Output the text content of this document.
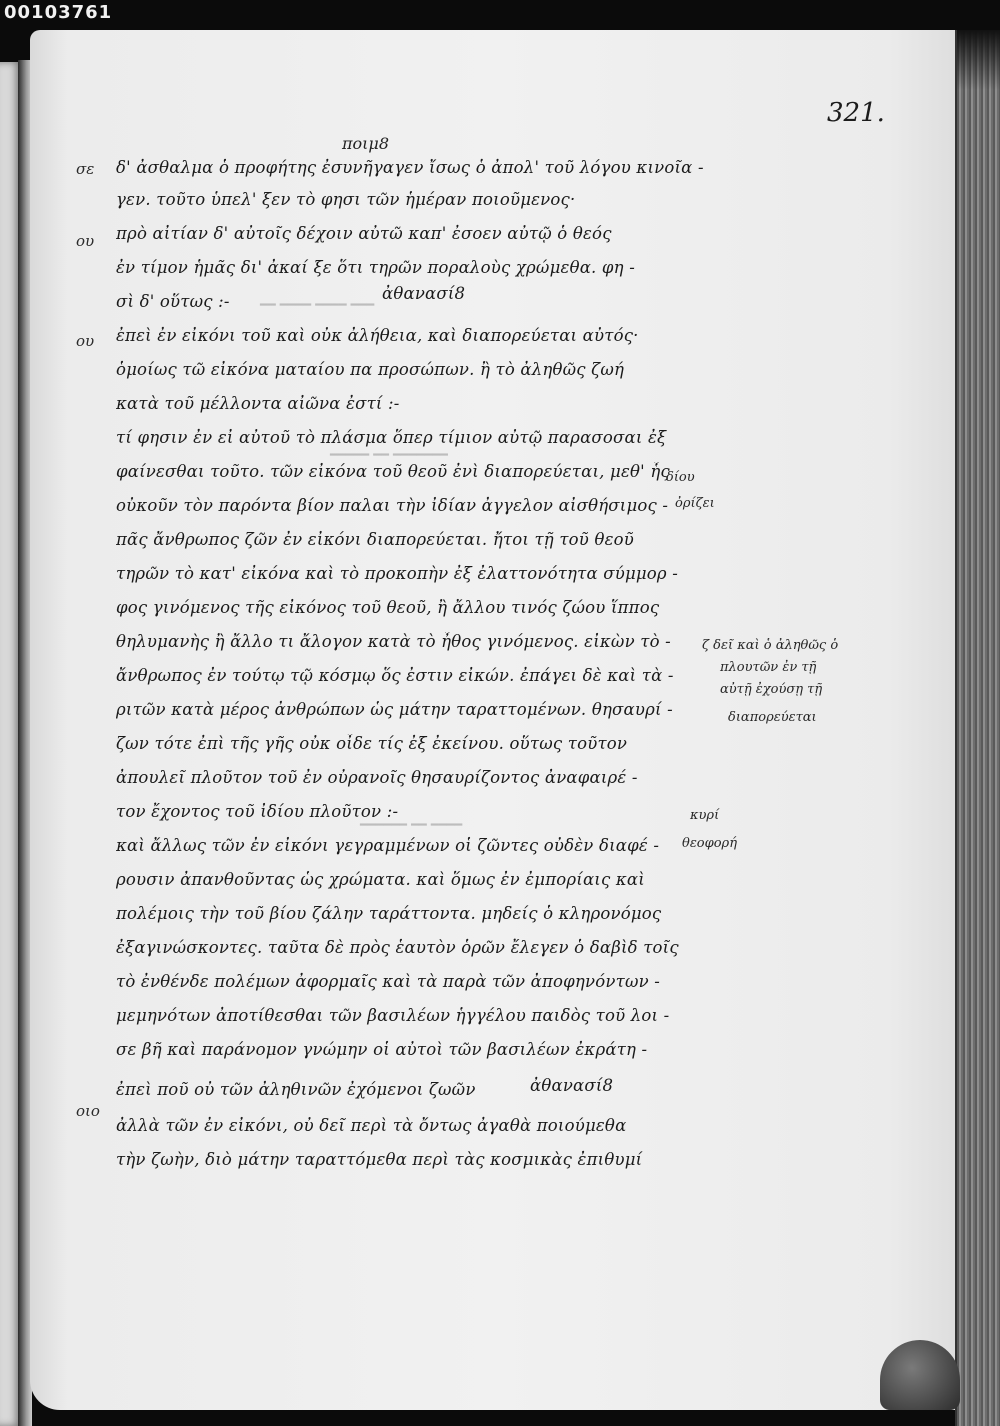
00103761
321.
ποιμ8
━━ ━━━━ ━━━━ ━━━
━━━━━ ━━ ━━━━━━━
━━━━━━ ━━ ━━━━
σε
ου
ου
οιο
δ' ἀσθαλμα ὁ προφήτης ἐσυνῆγαγεν ἴσως ὁ ἀπολ' τοῦ λόγου κινοῖα -
γεν. τοῦτο ὑπελ' ξεν τὸ φησι τῶν ἡμέραν ποιοῦμενος·
πρὸ αἰτίαν δ' αὐτοῖς δέχοιν αὐτῶ καπ' ἐσοεν αὐτῷ ὁ θεός
ἐν τίμον ἡμᾶς δι' ἀκαί ξε ὅτι τηρῶν ποραλοὺς χρώμεθα. φη -
σὶ δ' οὕτως :-	ἀθανασί8
ἐπεὶ ἐν εἰκόνι τοῦ καὶ οὐκ ἀλήθεια, καὶ διαπορεύεται αὐτός·
ὁμοίως τῶ εἰκόνα ματαίου πα προσώπων. ἢ τὸ ἀληθῶς ζωή
κατὰ τοῦ μέλλοντα αἰῶνα ἐστί :-
τί φησιν ἐν εἰ αὐτοῦ τὸ πλάσμα ὅπερ τίμιον αὐτῷ παρασοσαι ἐξ
φαίνεσθαι τοῦτο. τῶν εἰκόνα τοῦ θεοῦ ἐνὶ διαπορεύεται, μεθ' ἧς
οὐκοῦν τὸν παρόντα βίον παλαι τὴν ἰδίαν ἀγγελον αἰσθήσιμος -
πᾶς ἄνθρωπος ζῶν ἐν εἰκόνι διαπορεύεται. ἤτοι τῇ τοῦ θεοῦ
τηρῶν τὸ κατ' εἰκόνα καὶ τὸ προκοπὴν ἐξ ἐλαττονότητα σύμμορ -
φος γινόμενος τῆς εἰκόνος τοῦ θεοῦ, ἢ ἄλλου τινός ζώου ἵππος
θηλυμανὴς ἢ ἄλλο τι ἄλογον κατὰ τὸ ἦθος γινόμενος. εἰκὼν τὸ -
ἄνθρωπος ἐν τούτῳ τῷ κόσμῳ ὅς ἐστιν εἰκών. ἐπάγει δὲ καὶ τὰ -
ριτῶν κατὰ μέρος ἀνθρώπων ὡς μάτην ταραττομένων. θησαυρί -
ζων τότε ἐπὶ τῆς γῆς οὐκ οἶδε τίς ἐξ ἐκείνου. οὕτως τοῦτον
ἀπουλεῖ πλοῦτον τοῦ ἐν οὐρανοῖς θησαυρίζοντος ἀναφαιρέ -
τον ἔχοντος τοῦ ἰδίου πλοῦτον :-
καὶ ἄλλως τῶν ἐν εἰκόνι γεγραμμένων οἱ ζῶντες οὐδὲν διαφέ -
ρουσιν ἀπανθοῦντας ὡς χρώματα. καὶ ὅμως ἐν ἐμπορίαις καὶ
πολέμοις τὴν τοῦ βίου ζάλην ταράττοντα. μηδείς ὁ κληρονόμος
ἐξαγινώσκοντες. ταῦτα δὲ πρὸς ἑαυτὸν ὁρῶν ἔλεγεν ὁ δαβὶδ τοῖς
τὸ ἐνθένδε πολέμων ἀφορμαῖς καὶ τὰ παρὰ τῶν ἀποφηνόντων -
μεμηνότων ἀποτίθεσθαι τῶν βασιλέων ἡγγέλου παιδὸς τοῦ λοι -
σε βῆ καὶ παράνομον γνώμην οἱ αὐτοὶ τῶν βασιλέων ἐκράτη -
ἐπεὶ ποῦ οὐ τῶν ἀληθινῶν ἐχόμενοι ζωῶν	ἀθανασί8
ἀλλὰ τῶν ἐν εἰκόνι, οὐ δεῖ περὶ τὰ ὄντως ἀγαθὰ ποιούμεθα
τὴν ζωὴν, διὸ μάτην ταραττόμεθα περὶ τὰς κοσμικὰς ἐπιθυμί
δίου
ὀρίζει
ζ δεῖ καὶ ὁ ἀληθῶς ὁ
πλουτῶν ἐν τῇ
αὐτῇ ἐχούσῃ τῇ
διαπορεύεται
κυρί
θεοφορή
